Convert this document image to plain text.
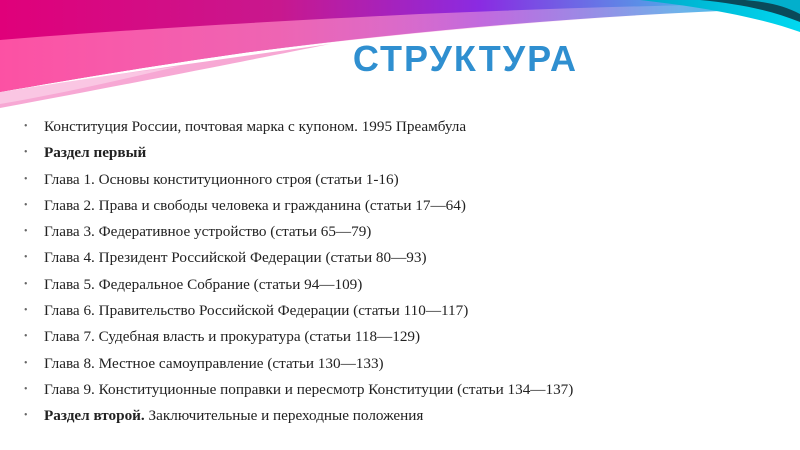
СТРУКТУРА
• Конституция России, почтовая марка с купоном. 1995 Преамбула
• Раздел первый
• Глава 1. Основы конституционного строя (статьи 1-16)
• Глава 2. Права и свободы человека и гражданина (статьи 17—64)
• Глава 3. Федеративное устройство (статьи 65—79)
• Глава 4. Президент Российской Федерации (статьи 80—93)
• Глава 5. Федеральное Собрание (статьи 94—109)
• Глава 6. Правительство Российской Федерации (статьи 110—117)
• Глава 7. Судебная власть и прокуратура (статьи 118—129)
• Глава 8. Местное самоуправление (статьи 130—133)
• Глава 9. Конституционные поправки и пересмотр Конституции (статьи 134—137)
• Раздел второй. Заключительные и переходные положения
